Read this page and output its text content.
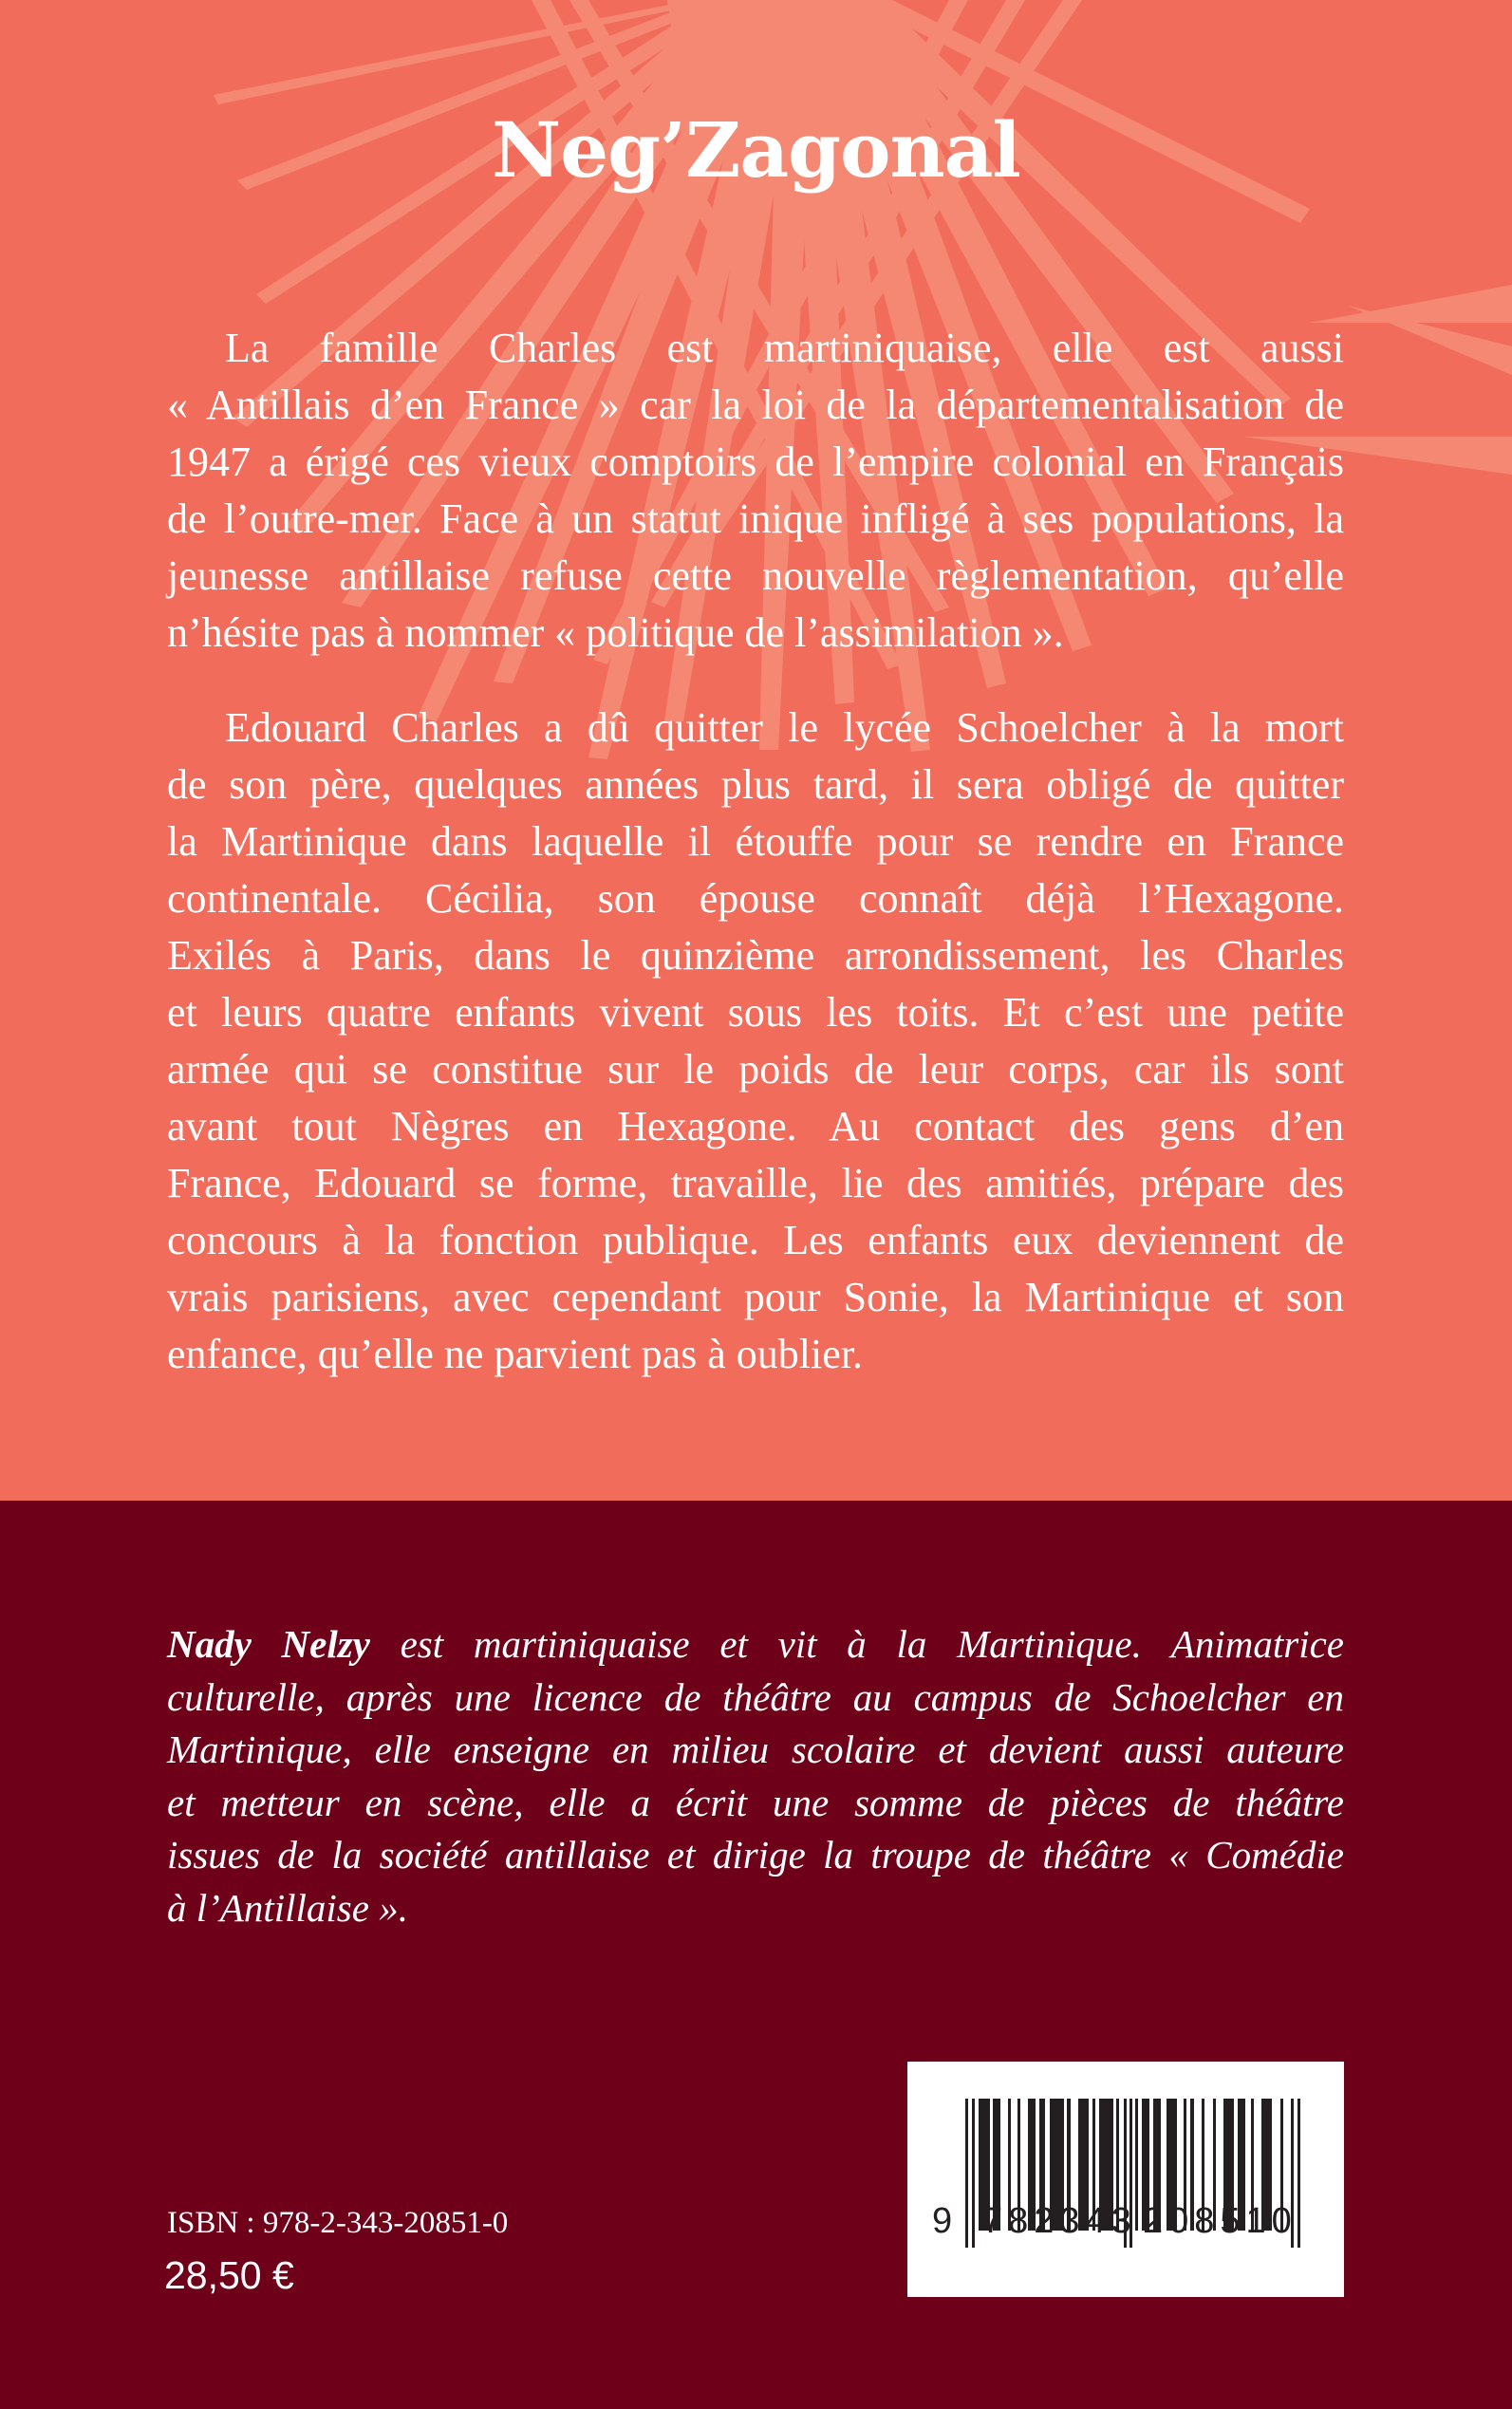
Neg’Zagonal
La famille Charles est martiniquaise, elle est aussi
« Antillais d’en France » car la loi de la départementalisation de
1947 a érigé ces vieux comptoirs de l’empire colonial en Français
de l’outre-mer. Face à un statut inique infligé à ses populations, la
jeunesse antillaise refuse cette nouvelle règlementation, qu’elle
n’hésite pas à nommer « politique de l’assimilation ».
Edouard Charles a dû quitter le lycée Schoelcher à la mort
de son père, quelques années plus tard, il sera obligé de quitter
la Martinique dans laquelle il étouffe pour se rendre en France
continentale. Cécilia, son épouse connaît déjà l’Hexagone.
Exilés à Paris, dans le quinzième arrondissement, les Charles
et leurs quatre enfants vivent sous les toits. Et c’est une petite
armée qui se constitue sur le poids de leur corps, car ils sont
avant tout Nègres en Hexagone. Au contact des gens d’en
France, Edouard se forme, travaille, lie des amitiés, prépare des
concours à la fonction publique. Les enfants eux deviennent de
vrais parisiens, avec cependant pour Sonie, la Martinique et son
enfance, qu’elle ne parvient pas à oublier.
Nady Nelzy est martiniquaise et vit à la Martinique. Animatrice
culturelle, après une licence de théâtre au campus de Schoelcher en
Martinique, elle enseigne en milieu scolaire et devient aussi auteure
et metteur en scène, elle a écrit une somme de pièces de théâtre
issues de la société antillaise et dirige la troupe de théâtre « Comédie
à l’Antillaise ».
ISBN : 978-2-343-20851-0
28,50 €
9 782343 208510
